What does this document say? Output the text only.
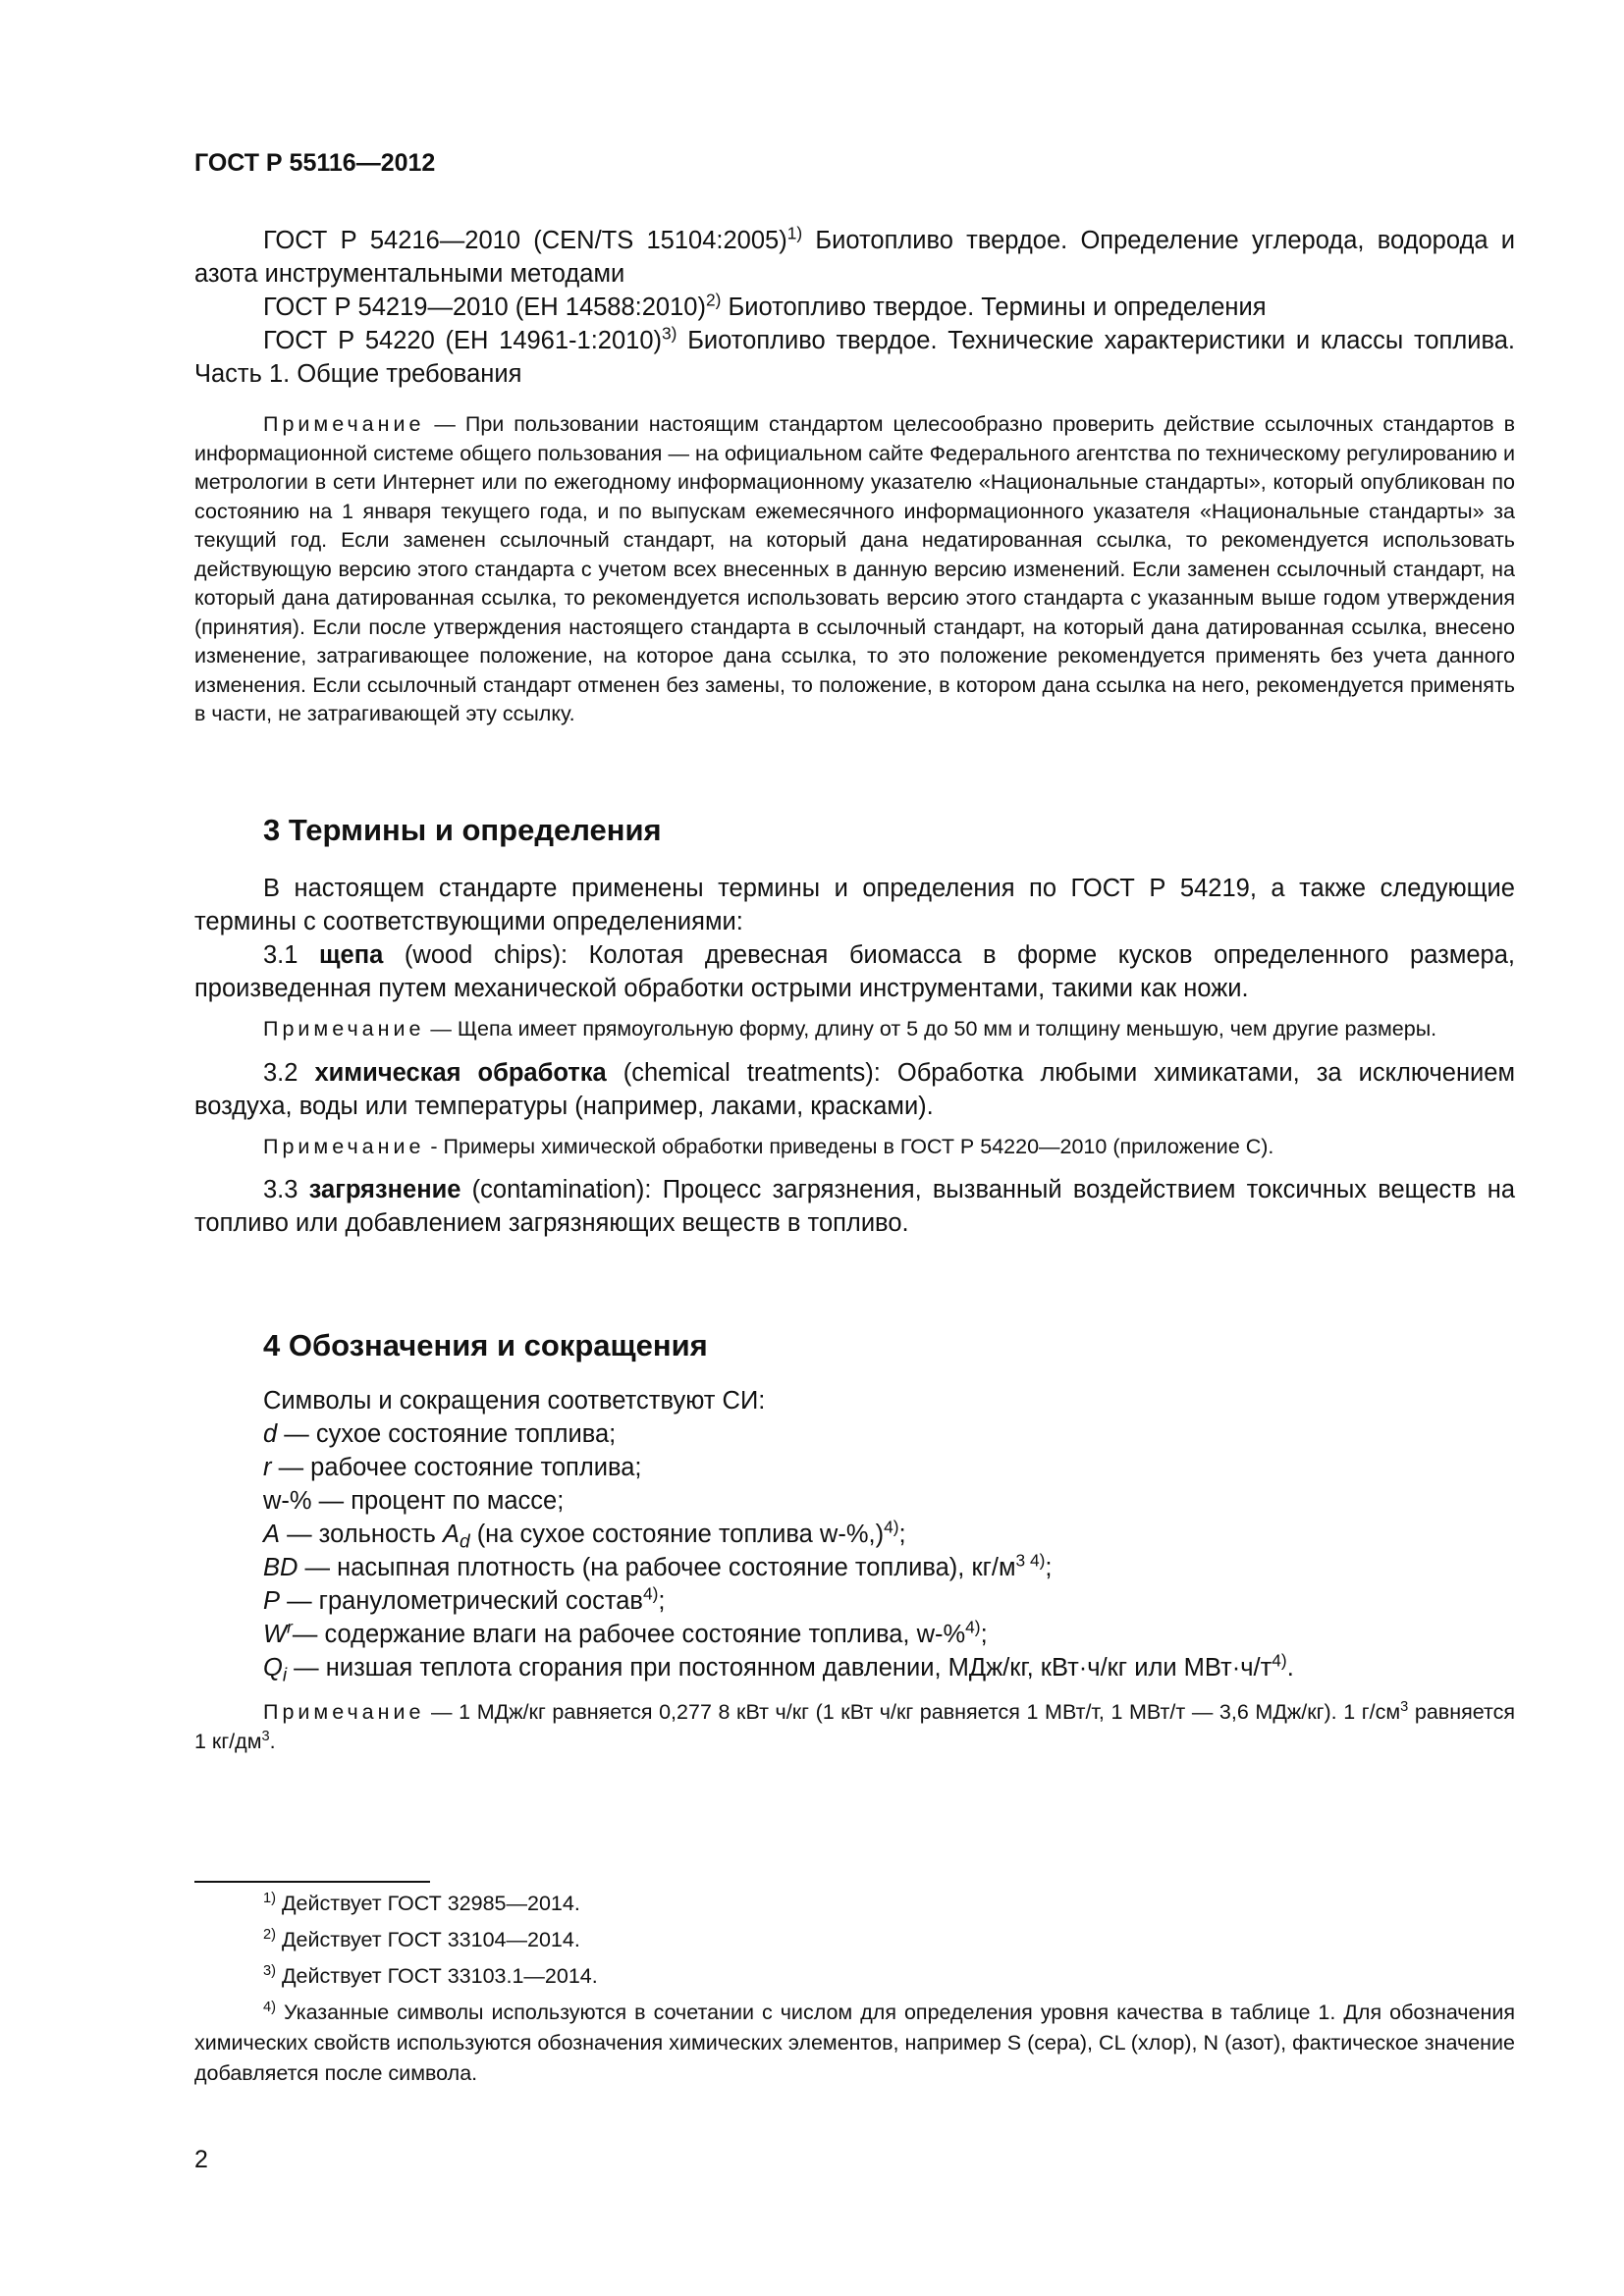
ГОСТ Р 55116—2012

ГОСТ Р 54216—2010 (CEN/TS 15104:2005)$^{1)}$ Биотопливо твердое. Определение углерода, водорода и азота инструментальными методами

ГОСТ Р 54219—2010 (ЕН 14588:2010)$^{2)}$ Биотопливо твердое. Термины и определения

ГОСТ Р 54220 (ЕН 14961-1:2010)$^{3)}$ Биотопливо твердое. Технические характеристики и классы топлива. Часть 1. Общие требования

Примечание — При пользовании настоящим стандартом целесообразно проверить действие ссылочных стандартов в информационной системе общего пользования — на официальном сайте Федерального агентства по техническому регулированию и метрологии в сети Интернет или по ежегодному информационному указателю «Национальные стандарты», который опубликован по состоянию на 1 января текущего года, и по выпускам ежемесячного информационного указателя «Национальные стандарты» за текущий год. Если заменен ссылочный стандарт, на который дана недатированная ссылка, то рекомендуется использовать действующую версию этого стандарта с учетом всех внесенных в данную версию изменений. Если заменен ссылочный стандарт, на который дана датированная ссылка, то рекомендуется использовать версию этого стандарта с указанным выше годом утверждения (принятия). Если после утверждения настоящего стандарта в ссылочный стандарт, на который дана датированная ссылка, внесено изменение, затрагивающее положение, на которое дана ссылка, то это положение рекомендуется применять без учета данного изменения. Если ссылочный стандарт отменен без замены, то положение, в котором дана ссылка на него, рекомендуется применять в части, не затрагивающей эту ссылку.

3 Термины и определения

В настоящем стандарте применены термины и определения по ГОСТ Р 54219, а также следующие термины с соответствующими определениями:

3.1 щепа (wood chips): Колотая древесная биомасса в форме кусков определенного размера, произведенная путем механической обработки острыми инструментами, такими как ножи.

Примечание — Щепа имеет прямоугольную форму, длину от 5 до 50 мм и толщину меньшую, чем другие размеры.

3.2 химическая обработка (chemical treatments): Обработка любыми химикатами, за исключением воздуха, воды или температуры (например, лаками, красками).

Примечание - Примеры химической обработки приведены в ГОСТ Р 54220—2010 (приложение С).

3.3 загрязнение (contamination): Процесс загрязнения, вызванный воздействием токсичных веществ на топливо или добавлением загрязняющих веществ в топливо.

4 Обозначения и сокращения

Символы и сокращения соответствуют СИ:

d — сухое состояние топлива;

r — рабочее состояние топлива;

w-% — процент по массе;

A — зольность $A_d$ (на сухое состояние топлива w-%,)$^{4)}$;

BD — насыпная плотность (на рабочее состояние топлива), $кг/м^{3 4)}$;

P — гранулометрический состав$^{4)}$;

$W^r—$ содержание влаги на рабочее состояние топлива, w-%$^{4)}$;

$Q_i$ — низшая теплота сгорания при постоянном давлении, МДж/кг, кВт·ч/кг или $МВт\cdot ч/т^{4)}$.

Примечание — 1 МДж/кг равняется 0,277 8 кВт ч/кг (1 кВт ч/кг равняется 1 МВт/т, 1 МВт/т — 3,6 МДж/кг). 1 $г/см^3$ равняется 1 $кг/дм^3$.

$^{1)}$ Действует ГОСТ 32985—2014.

$^{2)}$ Действует ГОСТ 33104—2014.

$^{3)}$ Действует ГОСТ 33103.1—2014.

$^{4)}$ Указанные символы используются в сочетании с числом для определения уровня качества в таблице 1. Для обозначения химических свойств используются обозначения химических элементов, например S (сера), CL (хлор), N (азот), фактическое значение добавляется после символа.

2
